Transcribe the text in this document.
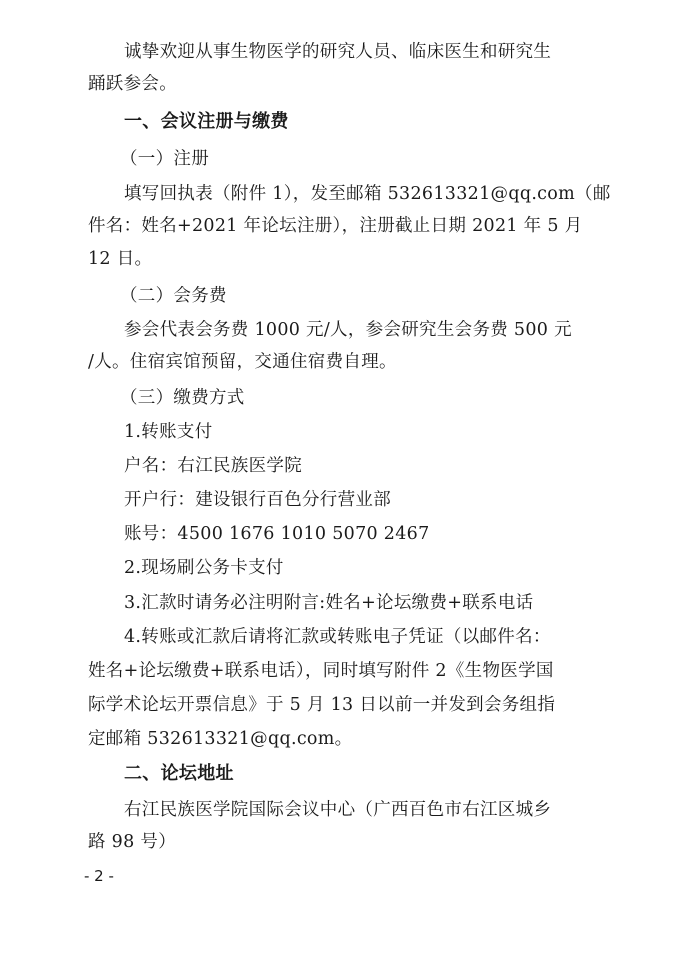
诚挚欢迎从事生物医学的研究人员、临床医生和研究生
踊跃参会。
一、会议注册与缴费
（一）注册
填写回执表（附件 1），发至邮箱 532613321@qq.com（邮
件名：姓名+2021 年论坛注册），注册截止日期 2021 年 5 月
12 日。
（二）会务费
参会代表会务费 1000 元/人，参会研究生会务费 500 元
/人。住宿宾馆预留，交通住宿费自理。
（三）缴费方式
1.转账支付
户名：右江民族医学院
开户行：建设银行百色分行营业部
账号：4500 1676 1010 5070 2467
2.现场刷公务卡支付
3.汇款时请务必注明附言:姓名+论坛缴费+联系电话
4.转账或汇款后请将汇款或转账电子凭证（以邮件名：
姓名+论坛缴费+联系电话），同时填写附件 2《生物医学国
际学术论坛开票信息》于 5 月 13 日以前一并发到会务组指
定邮箱 532613321@qq.com。
二、论坛地址
右江民族医学院国际会议中心（广西百色市右江区城乡
路 98 号）
- 2 -
